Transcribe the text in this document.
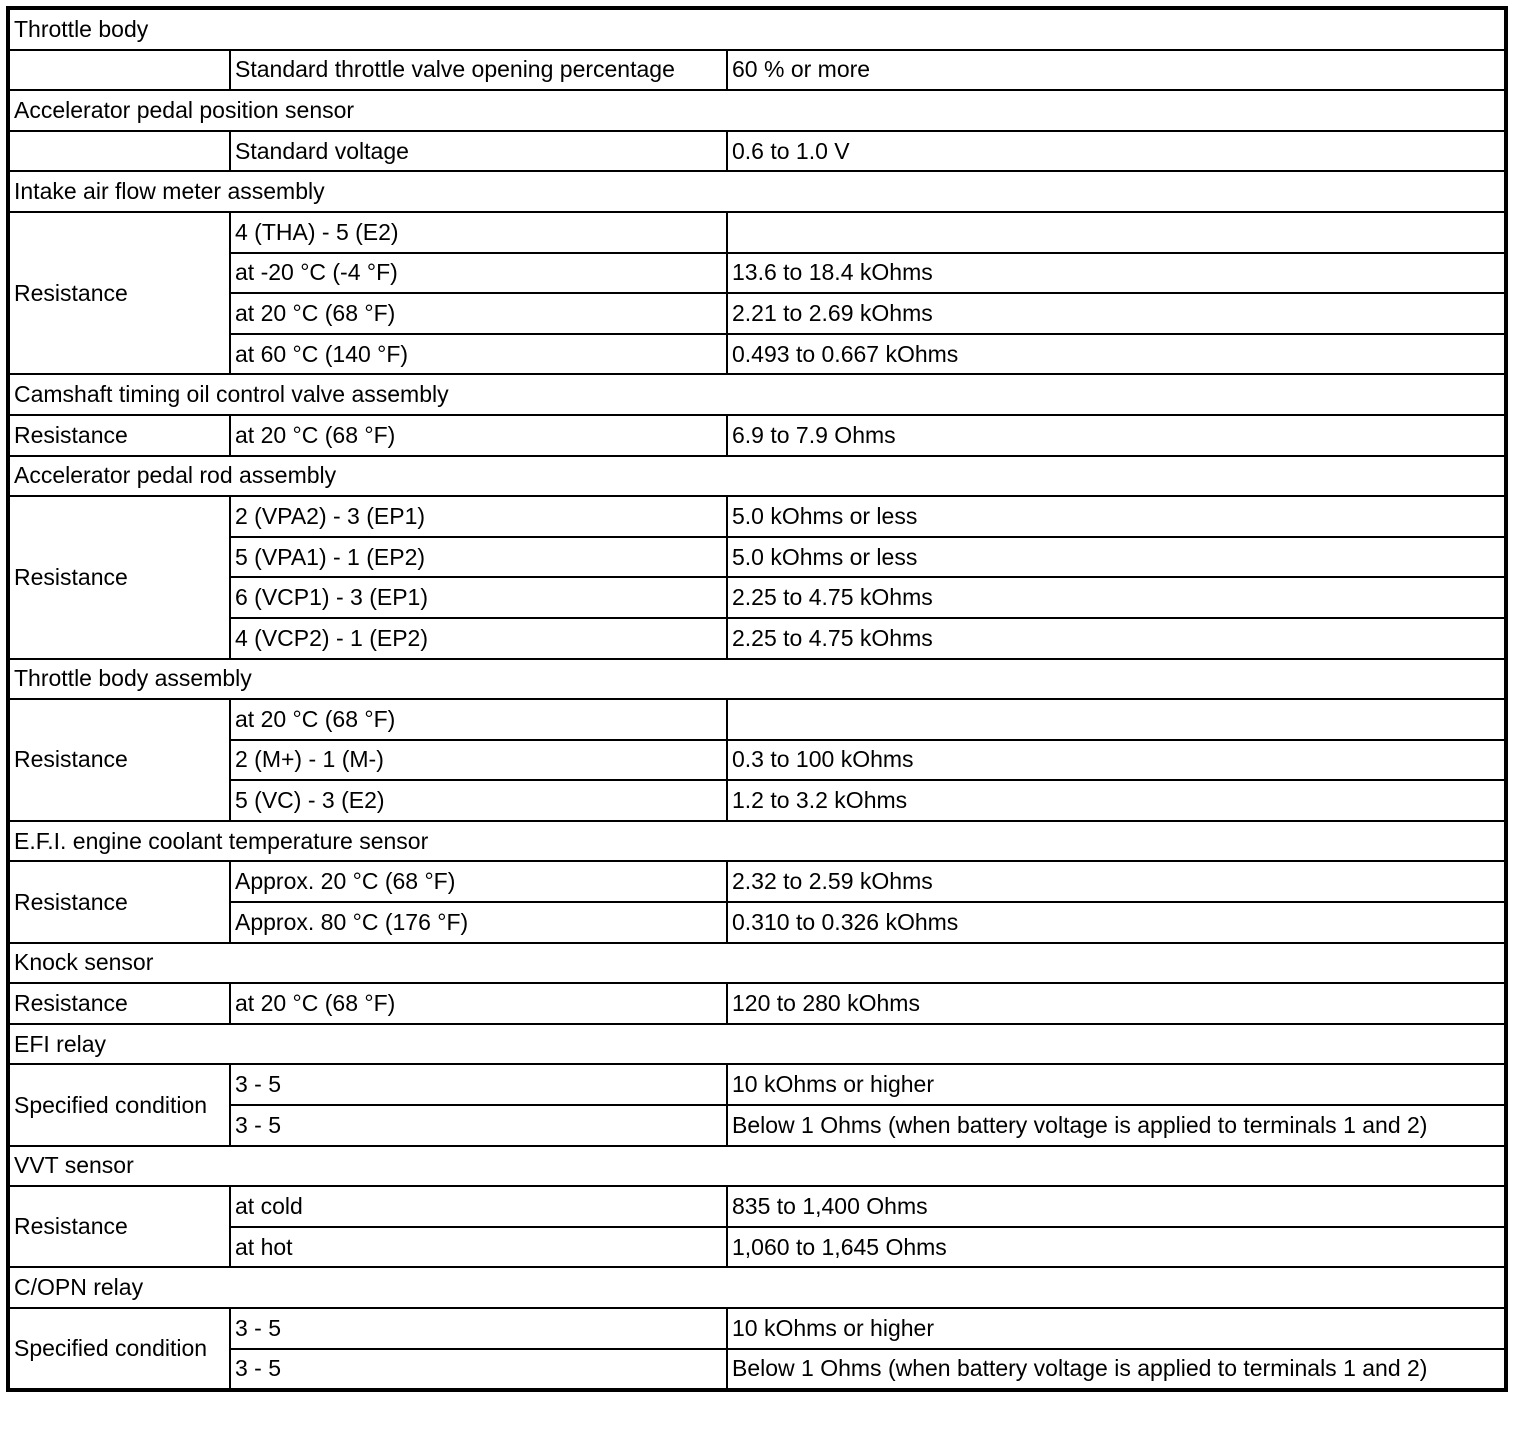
Throttle body		
	Standard throttle valve opening percentage	60 % or more
Accelerator pedal position sensor		
	Standard voltage	0.6 to 1.0 V
Intake air flow meter assembly		
Resistance	4 (THA) - 5 (E2)	
	at -20 °C (-4 °F)	13.6 to 18.4 kOhms
	at 20 °C (68 °F)	2.21 to 2.69 kOhms
	at 60 °C (140 °F)	0.493 to 0.667 kOhms
Camshaft timing oil control valve assembly		
Resistance	at 20 °C (68 °F)	6.9 to 7.9 Ohms
Accelerator pedal rod assembly		
Resistance	2 (VPA2) - 3 (EP1)	5.0 kOhms or less
	5 (VPA1) - 1 (EP2)	5.0 kOhms or less
	6 (VCP1) - 3 (EP1)	2.25 to 4.75 kOhms
	4 (VCP2) - 1 (EP2)	2.25 to 4.75 kOhms
Throttle body assembly		
Resistance	at 20 °C (68 °F)	
	2 (M+) - 1 (M-)	0.3 to 100 kOhms
	5 (VC) - 3 (E2)	1.2 to 3.2 kOhms
E.F.I. engine coolant temperature sensor		
Resistance	Approx. 20 °C (68 °F)	2.32 to 2.59 kOhms
	Approx. 80 °C (176 °F)	0.310 to 0.326 kOhms
Knock sensor		
Resistance	at 20 °C (68 °F)	120 to 280 kOhms
EFI relay		
Specified condition	3 - 5	10 kOhms or higher
	3 - 5	Below 1 Ohms (when battery voltage is applied to terminals 1 and 2)
VVT sensor		
Resistance	at cold	835 to 1,400 Ohms
	at hot	1,060 to 1,645 Ohms
C/OPN relay		
Specified condition	3 - 5	10 kOhms or higher
	3 - 5	Below 1 Ohms (when battery voltage is applied to terminals 1 and 2)
